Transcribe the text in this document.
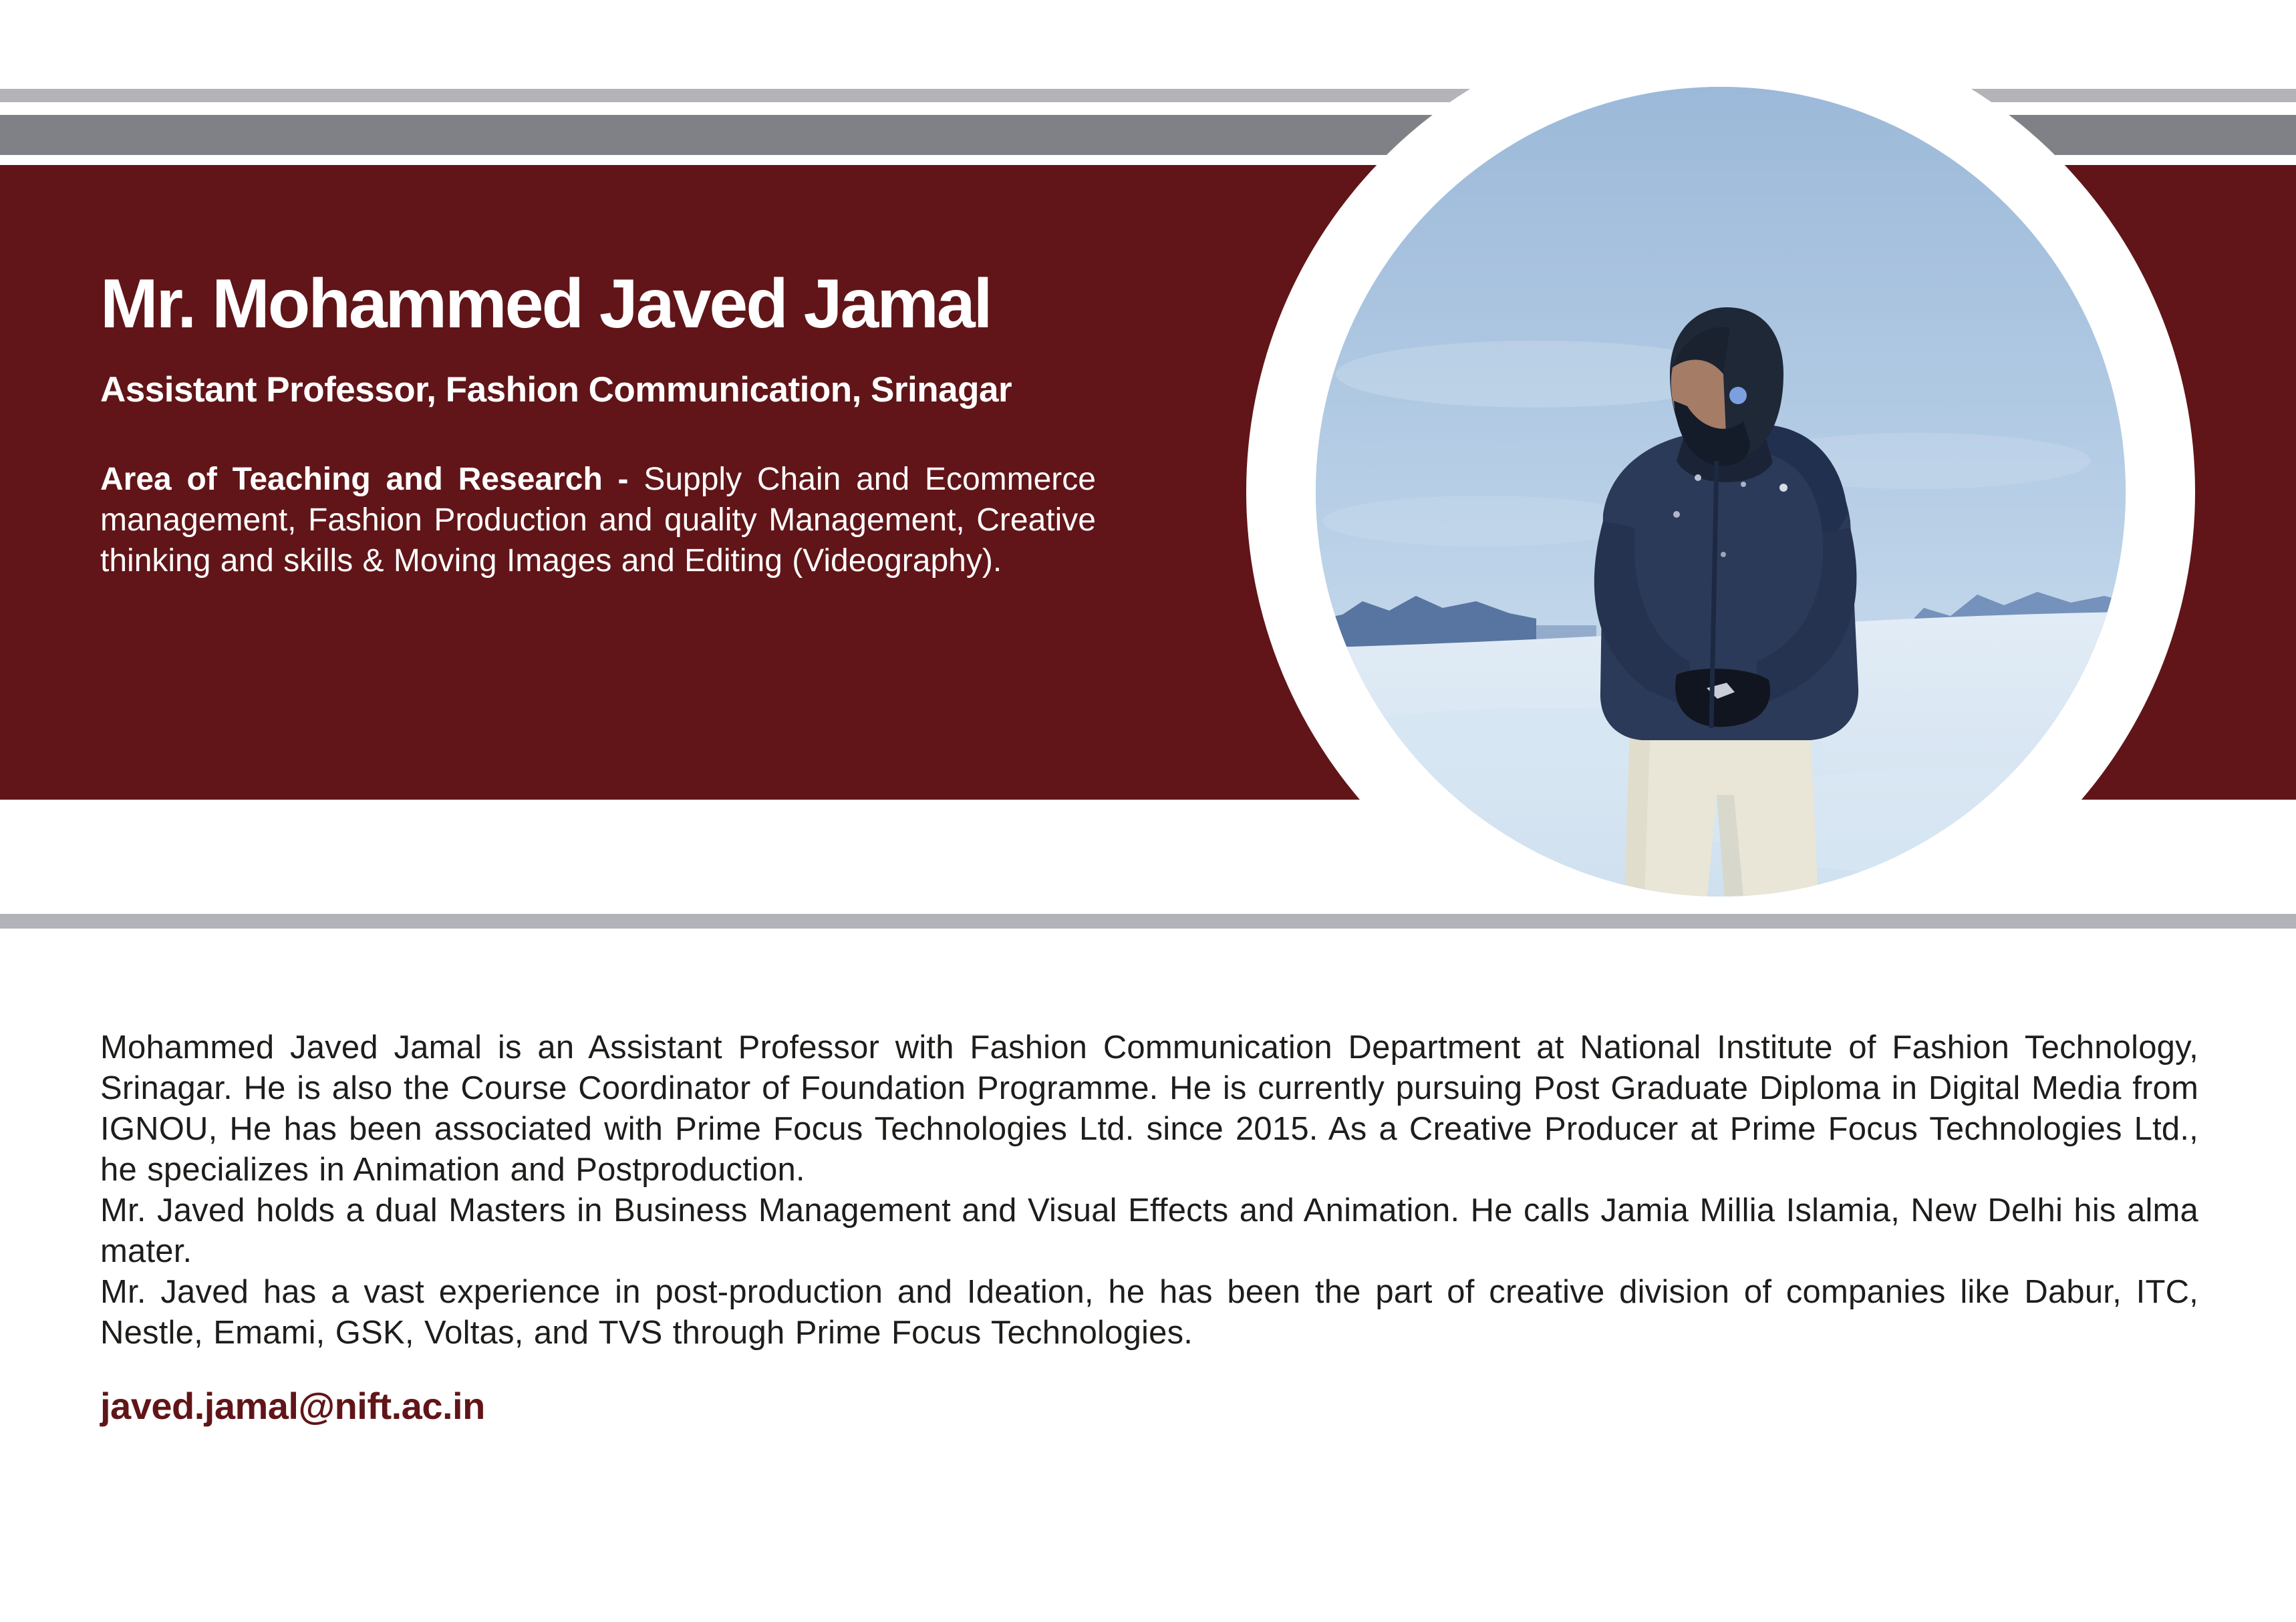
Mr. Mohammed Javed Jamal
Assistant Professor, Fashion Communication, Srinagar

Area of Teaching and Research - Supply Chain and Ecommerce management, Fashion Production and quality Management, Creative thinking and skills & Moving Images and Editing (Videography).

Mohammed Javed Jamal is an Assistant Professor with Fashion Communication Department at National Institute of Fashion Technology, Srinagar. He is also the Course Coordinator of Foundation Programme. He is currently pursuing Post Graduate Diploma in Digital Media from IGNOU, He has been associated with Prime Focus Technologies Ltd. since 2015. As a Creative Producer at Prime Focus Technologies Ltd., he specializes in Animation and Postproduction.

Mr. Javed holds a dual Masters in Business Management and Visual Effects and Animation. He calls Jamia Millia Islamia, New Delhi his alma mater.

Mr. Javed has a vast experience in post-production and Ideation, he has been the part of creative division of companies like Dabur, ITC, Nestle, Emami, GSK, Voltas, and TVS through Prime Focus Technologies.

javed.jamal@nift.ac.in
